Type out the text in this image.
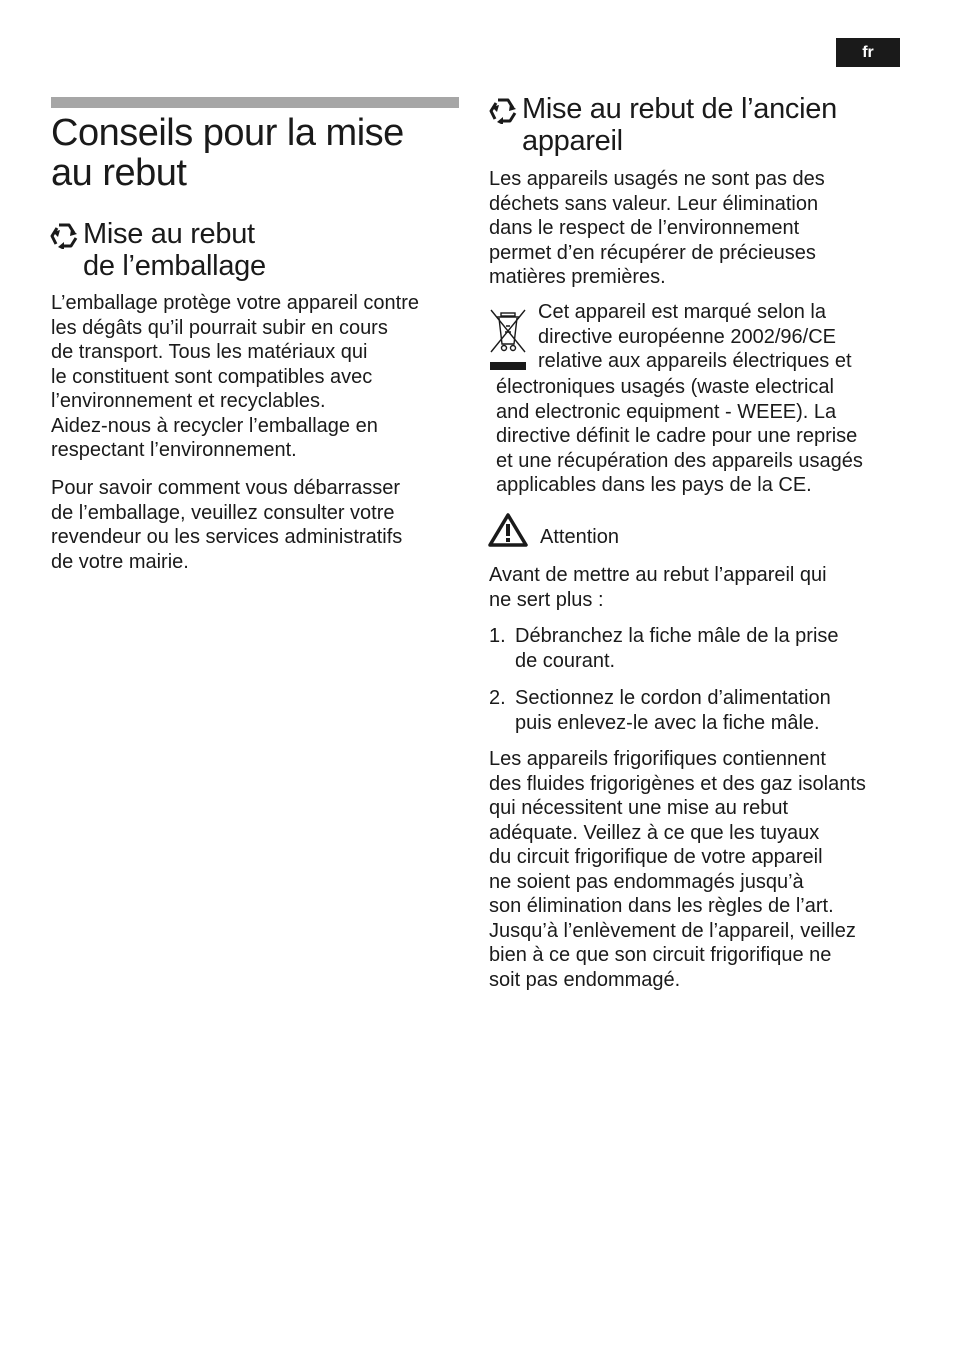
fr
Conseils pour la mise
au rebut
Mise au rebut
de l’emballage

L’emballage protège votre appareil contre
les dégâts qu’il pourrait subir en cours
de transport. Tous les matériaux qui
le constituent sont compatibles avec
l’environnement et recyclables.
Aidez-nous à recycler l’emballage en
respectant l’environnement.

Pour savoir comment vous débarrasser
de l’emballage, veuillez consulter votre
revendeur ou les services administratifs
de votre mairie.

Mise au rebut de l’ancien
appareil

Les appareils usagés ne sont pas des
déchets sans valeur. Leur élimination
dans le respect de l’environnement
permet d’en récupérer de précieuses
matières premières.

Cet appareil est marqué selon la
directive européenne 2002/96/CE
relative aux appareils électriques et

électroniques usagés (waste electrical
and electronic equipment - WEEE). La
directive définit le cadre pour une reprise
et une récupération des appareils usagés
applicables dans les pays de la CE.

Attention

Avant de mettre au rebut l’appareil qui
ne sert plus :

1. Débranchez la fiche mâle de la prise
de courant.
2. Sectionnez le cordon d’alimentation
puis enlevez-le avec la fiche mâle.

Les appareils frigorifiques contiennent
des fluides frigorigènes et des gaz isolants
qui nécessitent une mise au rebut
adéquate. Veillez à ce que les tuyaux
du circuit frigorifique de votre appareil
ne soient pas endommagés jusqu’à
son élimination dans les règles de l’art.
Jusqu’à l’enlèvement de l’appareil, veillez
bien à ce que son circuit frigorifique ne
soit pas endommagé.
